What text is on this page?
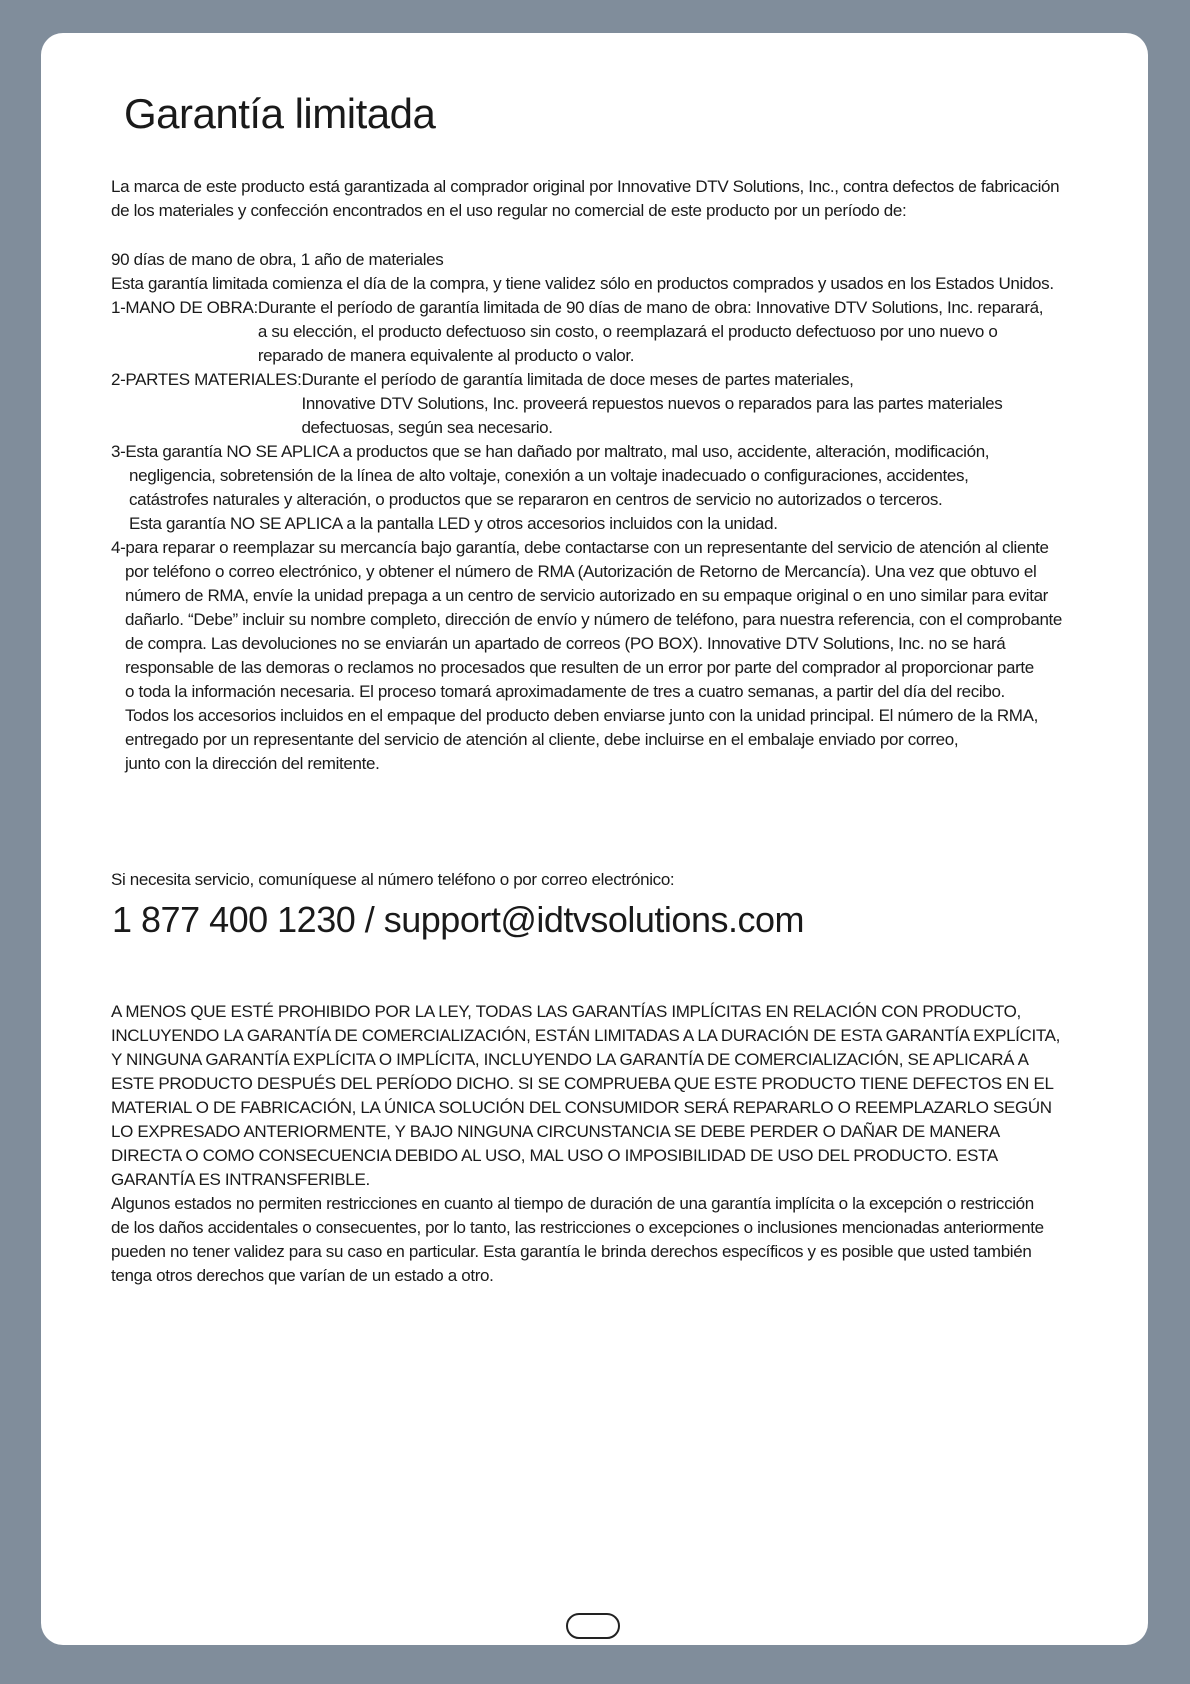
Garantía limitada

La marca de este producto está garantizada al comprador original por Innovative DTV Solutions, Inc., contra defectos de fabricación

de los materiales y confección encontrados en el uso regular no comercial de este producto por un período de:

90 días de mano de obra, 1 año de materiales

Esta garantía limitada comienza el día de la compra, y tiene validez sólo en productos comprados y usados en los Estados Unidos.

1-MANO DE OBRA: Durante el período de garantía limitada de 90 días de mano de obra: Innovative DTV Solutions, Inc. reparará,

a su elección, el producto defectuoso sin costo, o reemplazará el producto defectuoso por uno nuevo o

reparado de manera equivalente al producto o valor.

2-PARTES MATERIALES: Durante el período de garantía limitada de doce meses de partes materiales,

Innovative DTV Solutions, Inc. proveerá repuestos nuevos o reparados para las partes materiales

defectuosas, según sea necesario.

3-Esta garantía NO SE APLICA a productos que se han dañado por maltrato, mal uso, accidente, alteración, modificación,

negligencia, sobretensión de la línea de alto voltaje, conexión a un voltaje inadecuado o configuraciones, accidentes,

catástrofes naturales y alteración, o productos que se repararon en centros de servicio no autorizados o terceros.

Esta garantía NO SE APLICA a la pantalla LED y otros accesorios incluidos con la unidad.

4-para reparar o reemplazar su mercancía bajo garantía, debe contactarse con un representante del servicio de atención al cliente

por teléfono o correo electrónico, y obtener el número de RMA (Autorización de Retorno de Mercancía). Una vez que obtuvo el

número de RMA, envíe la unidad prepaga a un centro de servicio autorizado en su empaque original o en uno similar para evitar

dañarlo. “Debe” incluir su nombre completo, dirección de envío y número de teléfono, para nuestra referencia, con el comprobante

de compra. Las devoluciones no se enviarán un apartado de correos (PO BOX). Innovative DTV Solutions, Inc. no se hará

responsable de las demoras o reclamos no procesados que resulten de un error por parte del comprador al proporcionar parte

o toda la información necesaria. El proceso tomará aproximadamente de tres a cuatro semanas, a partir del día del recibo.

Todos los accesorios incluidos en el empaque del producto deben enviarse junto con la unidad principal. El número de la RMA,

entregado por un representante del servicio de atención al cliente, debe incluirse en el embalaje enviado por correo,

junto con la dirección del remitente.

Si necesita servicio, comuníquese al número teléfono o por correo electrónico:
1 877 400 1230 / support@idtvsolutions.com

A MENOS QUE ESTÉ PROHIBIDO POR LA LEY, TODAS LAS GARANTÍAS IMPLÍCITAS EN RELACIÓN CON PRODUCTO,

INCLUYENDO LA GARANTÍA DE COMERCIALIZACIÓN, ESTÁN LIMITADAS A LA DURACIÓN DE ESTA GARANTÍA EXPLÍCITA,

Y NINGUNA GARANTÍA EXPLÍCITA O IMPLÍCITA, INCLUYENDO LA GARANTÍA DE COMERCIALIZACIÓN, SE APLICARÁ A

ESTE PRODUCTO DESPUÉS DEL PERÍODO DICHO. SI SE COMPRUEBA QUE ESTE PRODUCTO TIENE DEFECTOS EN EL

MATERIAL O DE FABRICACIÓN, LA ÚNICA SOLUCIÓN DEL CONSUMIDOR SERÁ REPARARLO O REEMPLAZARLO SEGÚN

LO EXPRESADO ANTERIORMENTE, Y BAJO NINGUNA CIRCUNSTANCIA SE DEBE PERDER O DAÑAR DE MANERA

DIRECTA O COMO CONSECUENCIA DEBIDO AL USO, MAL USO O IMPOSIBILIDAD DE USO DEL PRODUCTO. ESTA

GARANTÍA ES INTRANSFERIBLE.

Algunos estados no permiten restricciones en cuanto al tiempo de duración de una garantía implícita o la excepción o restricción

de los daños accidentales o consecuentes, por lo tanto, las restricciones o excepciones o inclusiones mencionadas anteriormente

pueden no tener validez para su caso en particular. Esta garantía le brinda derechos específicos y es posible que usted también

tenga otros derechos que varían de un estado a otro.
